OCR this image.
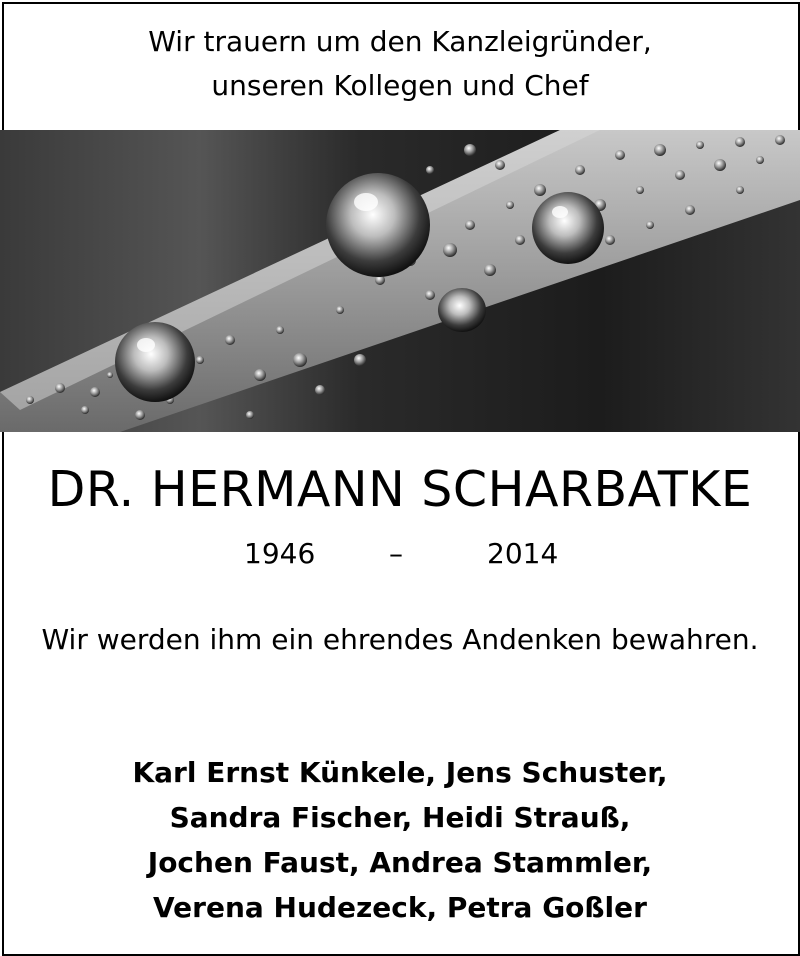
Wir trauern um den Kanzleigründer,
unseren Kollegen und Chef
DR. HERMANN SCHARBATKE
1946	–	2014
Wir werden ihm ein ehrendes Andenken bewahren.
Karl Ernst Künkele, Jens Schuster,
Sandra Fischer, Heidi Strauß,
Jochen Faust, Andrea Stammler,
Verena Hudezeck, Petra Goßler
